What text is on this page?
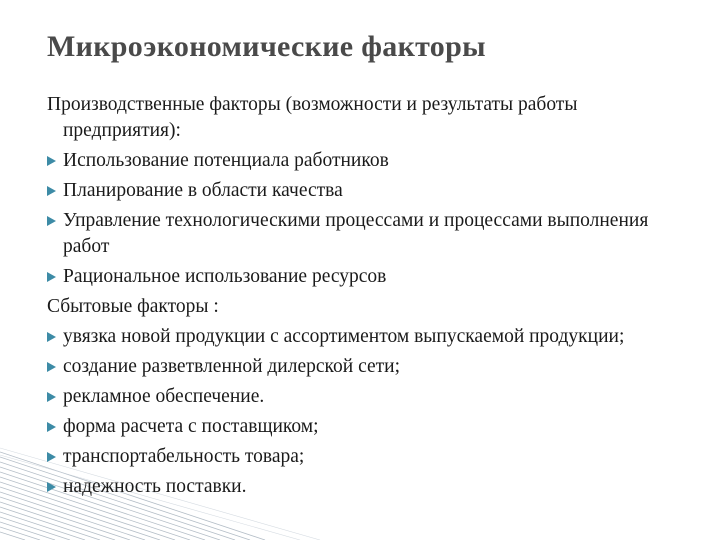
Микроэкономические факторы
Производственные факторы (возможности и результаты работы предприятия):
Использование потенциала работников
Планирование в области качества
Управление технологическими процессами и процессами выполнения работ
Рациональное использование ресурсов
Сбытовые факторы :
увязка новой продукции с ассортиментом выпускаемой продукции;
создание разветвленной дилерской сети;
рекламное обеспечение.
форма расчета с поставщиком;
транспортабельность товара;
надежность поставки.
